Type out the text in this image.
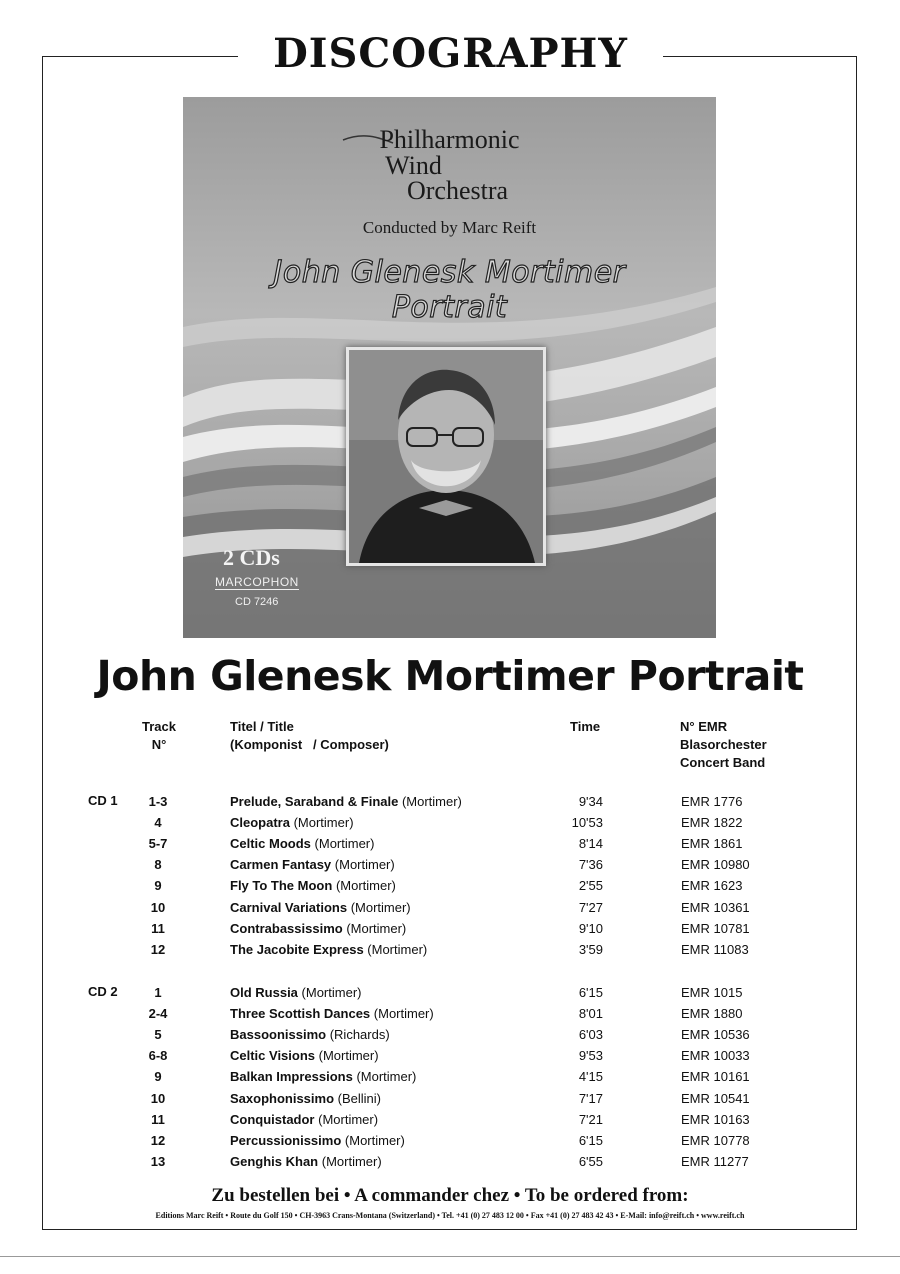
DISCOGRAPHY
Philharmonic
Wind
Orchestra
Conducted by Marc Reift
John Glenesk Mortimer
Portrait
2 CDs
MARCOPHON
CD 7246
John Glenesk Mortimer Portrait
Track
N°
Titel / Title
(Komponist   / Composer)
Time	N° EMR
Blasorchester
Concert Band
CD 1	1-3	Prelude, Saraband & Finale (Mortimer)	9'34	EMR 1776
4	Cleopatra (Mortimer)	10'53	EMR 1822
5-7	Celtic Moods (Mortimer)	8'14	EMR 1861
8	Carmen Fantasy (Mortimer)	7'36	EMR 10980
9	Fly To The Moon (Mortimer)	2'55	EMR 1623
10	Carnival Variations (Mortimer)	7'27	EMR 10361
11	Contrabassissimo (Mortimer)	9'10	EMR 10781
12	The Jacobite Express (Mortimer)	3'59	EMR 11083
CD 2	1	Old Russia (Mortimer)	6'15	EMR 1015
2-4	Three Scottish Dances (Mortimer)	8'01	EMR 1880
5	Bassoonissimo (Richards)	6'03	EMR 10536
6-8	Celtic Visions (Mortimer)	9'53	EMR 10033
9	Balkan Impressions (Mortimer)	4'15	EMR 10161
10	Saxophonissimo (Bellini)	7'17	EMR 10541
11	Conquistador (Mortimer)	7'21	EMR 10163
12	Percussionissimo (Mortimer)	6'15	EMR 10778
13	Genghis Khan (Mortimer)	6'55	EMR 11277
Zu bestellen bei • A commander chez • To be ordered from:
Editions Marc Reift • Route du Golf 150 • CH-3963 Crans-Montana (Switzerland) • Tel. +41 (0) 27 483 12 00 • Fax +41 (0) 27 483 42 43 • E-Mail: info@reift.ch • www.reift.ch
